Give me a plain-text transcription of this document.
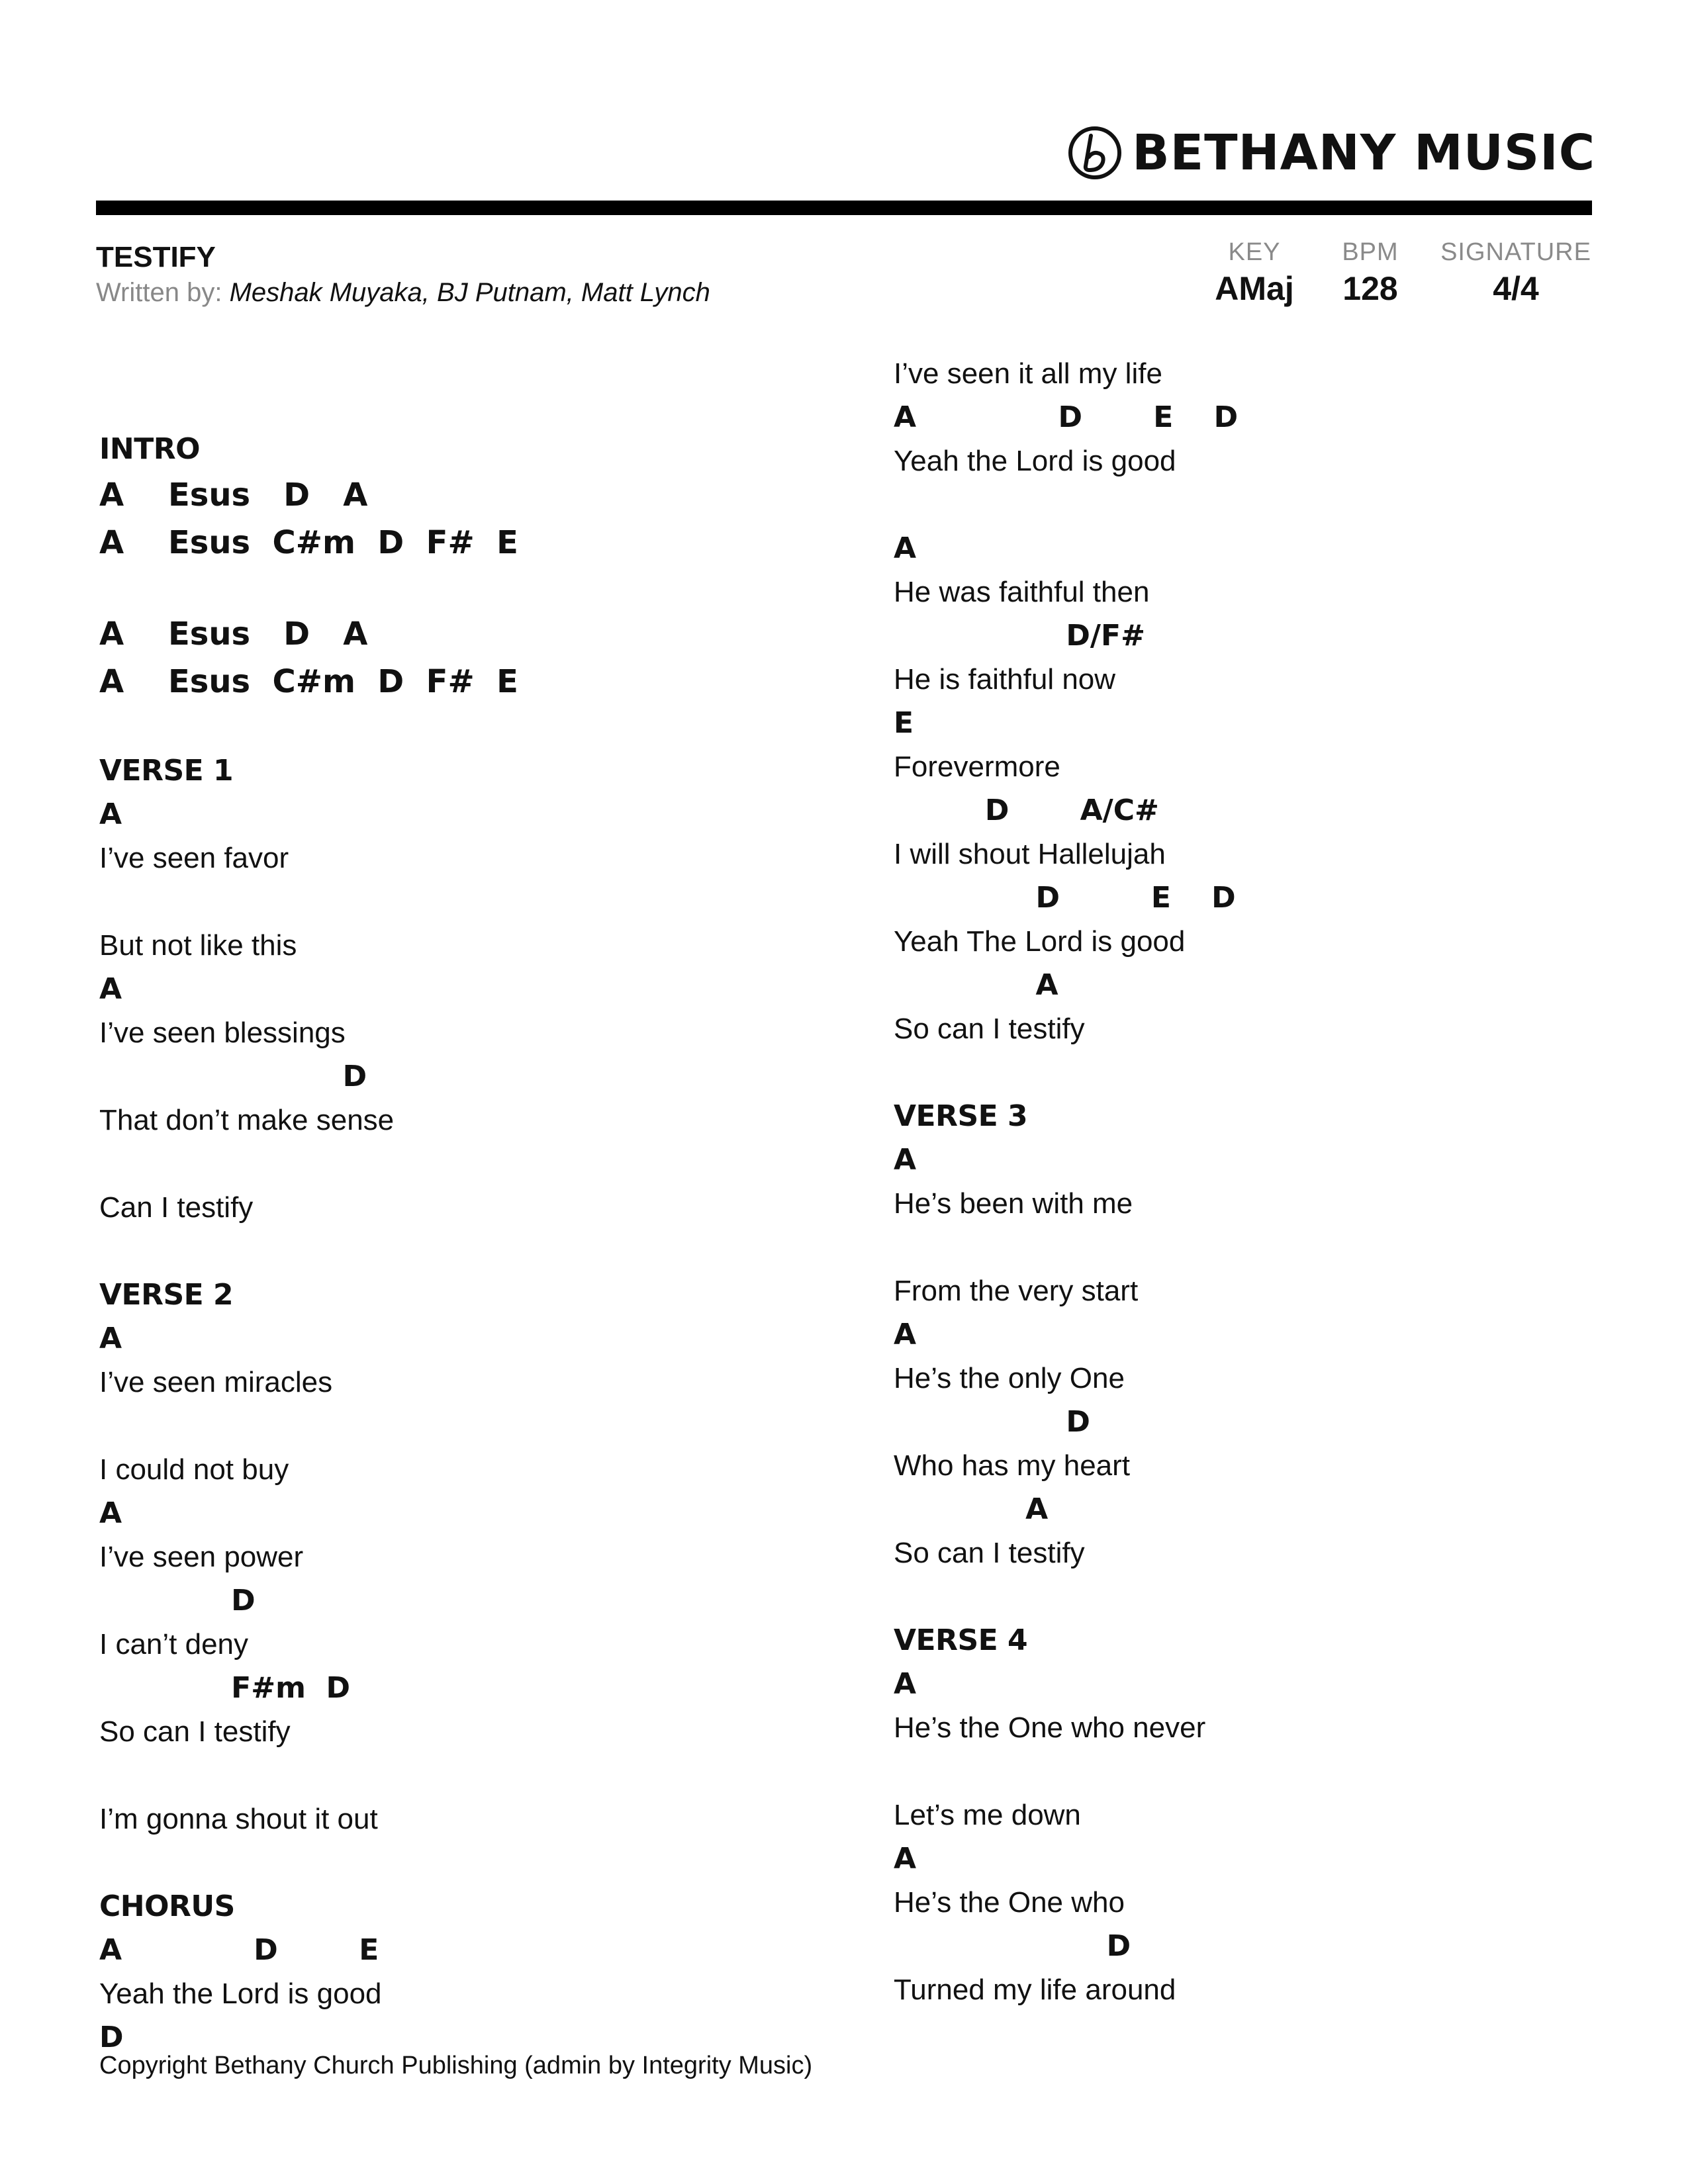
BETHANY MUSIC
TESTIFY
Written by: Meshak Muyaka, BJ Putnam, Matt Lynch
KEY
AMaj
BPM
128
SIGNATURE
4/4
INTRO
A    Esus   D   A
A    Esus  C#m  D  F#  E
A    Esus   D   A
A    Esus  C#m  D  F#  E
VERSE 1
A
I’ve seen favor
But not like this
A
I’ve seen blessings
D
That don’t make sense
Can I testify
VERSE 2
A
I’ve seen miracles
I could not buy
A
I’ve seen power
D
I can’t deny
F#m  D
So can I testify
I’m gonna shout it out
CHORUS
A             D        E
Yeah the Lord is good
D
I’ve seen it all my life
A              D       E    D
Yeah the Lord is good
A
He was faithful then
D/F#
He is faithful now
E
Forevermore
D       A/C#
I will shout Hallelujah
D         E    D
Yeah The Lord is good
A
So can I testify
VERSE 3
A
He’s been with me
From the very start
A
He’s the only One
D
Who has my heart
A
So can I testify
VERSE 4
A
He’s the One who never
Let’s me down
A
He’s the One who
D
Turned my life around
Copyright Bethany Church Publishing (admin by Integrity Music)
